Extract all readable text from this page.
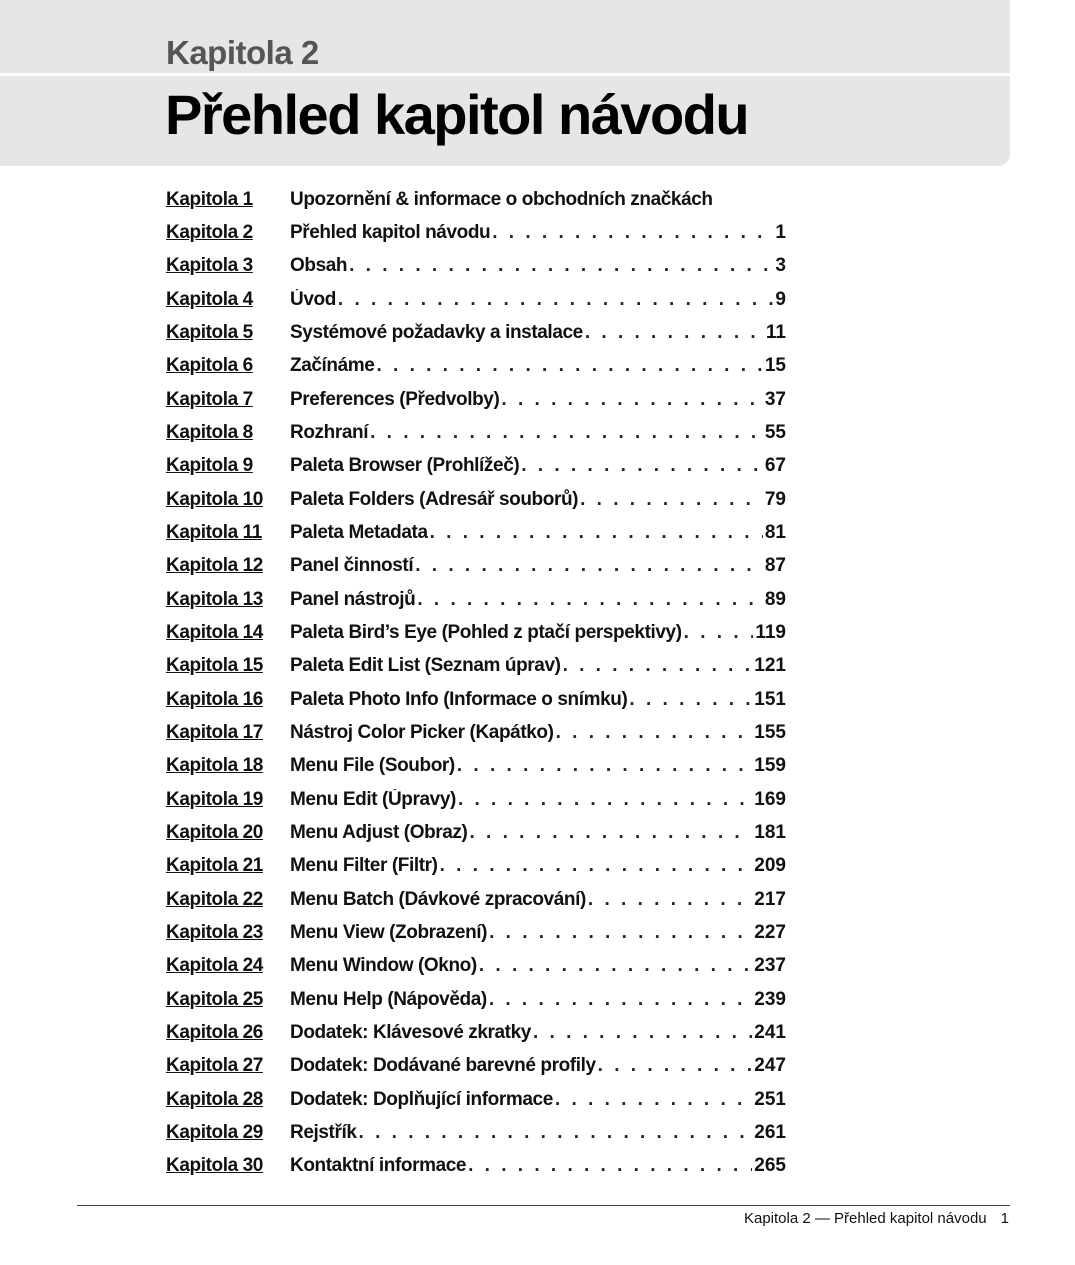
Kapitola 2
Přehled kapitol návodu
Kapitola 1	Upozornění & informace o obchodních značkách
Kapitola 2	Přehled kapitol návodu . . .	1
Kapitola 3	Obsah . . .	3
Kapitola 4	Úvod . . .	9
Kapitola 5	Systémové požadavky a instalace . . .	11
Kapitola 6	Začínáme . . .	15
Kapitola 7	Preferences (Předvolby) . . .	37
Kapitola 8	Rozhraní . . .	55
Kapitola 9	Paleta Browser (Prohlížeč) . . .	67
Kapitola 10	Paleta Folders (Adresář souborů) . . .	79
Kapitola 11	Paleta Metadata . . .	81
Kapitola 12	Panel činností . . .	87
Kapitola 13	Panel nástrojů . . .	89
Kapitola 14	Paleta Bird’s Eye (Pohled z ptačí perspektivy) . . .	119
Kapitola 15	Paleta Edit List (Seznam úprav) . . .	121
Kapitola 16	Paleta Photo Info (Informace o snímku) . . .	151
Kapitola 17	Nástroj Color Picker (Kapátko) . . .	155
Kapitola 18	Menu File (Soubor) . . .	159
Kapitola 19	Menu Edit (Úpravy) . . .	169
Kapitola 20	Menu Adjust (Obraz) . . .	181
Kapitola 21	Menu Filter (Filtr) . . .	209
Kapitola 22	Menu Batch (Dávkové zpracování) . . .	217
Kapitola 23	Menu View (Zobrazení) . . .	227
Kapitola 24	Menu Window (Okno) . . .	237
Kapitola 25	Menu Help (Nápověda) . . .	239
Kapitola 26	Dodatek: Klávesové zkratky . . .	241
Kapitola 27	Dodatek: Dodávané barevné profily . . .	247
Kapitola 28	Dodatek: Doplňující informace . . .	251
Kapitola 29	Rejstřík . . .	261
Kapitola 30	Kontaktní informace . . .	265
Kapitola 2 — Přehled kapitol návodu 1
